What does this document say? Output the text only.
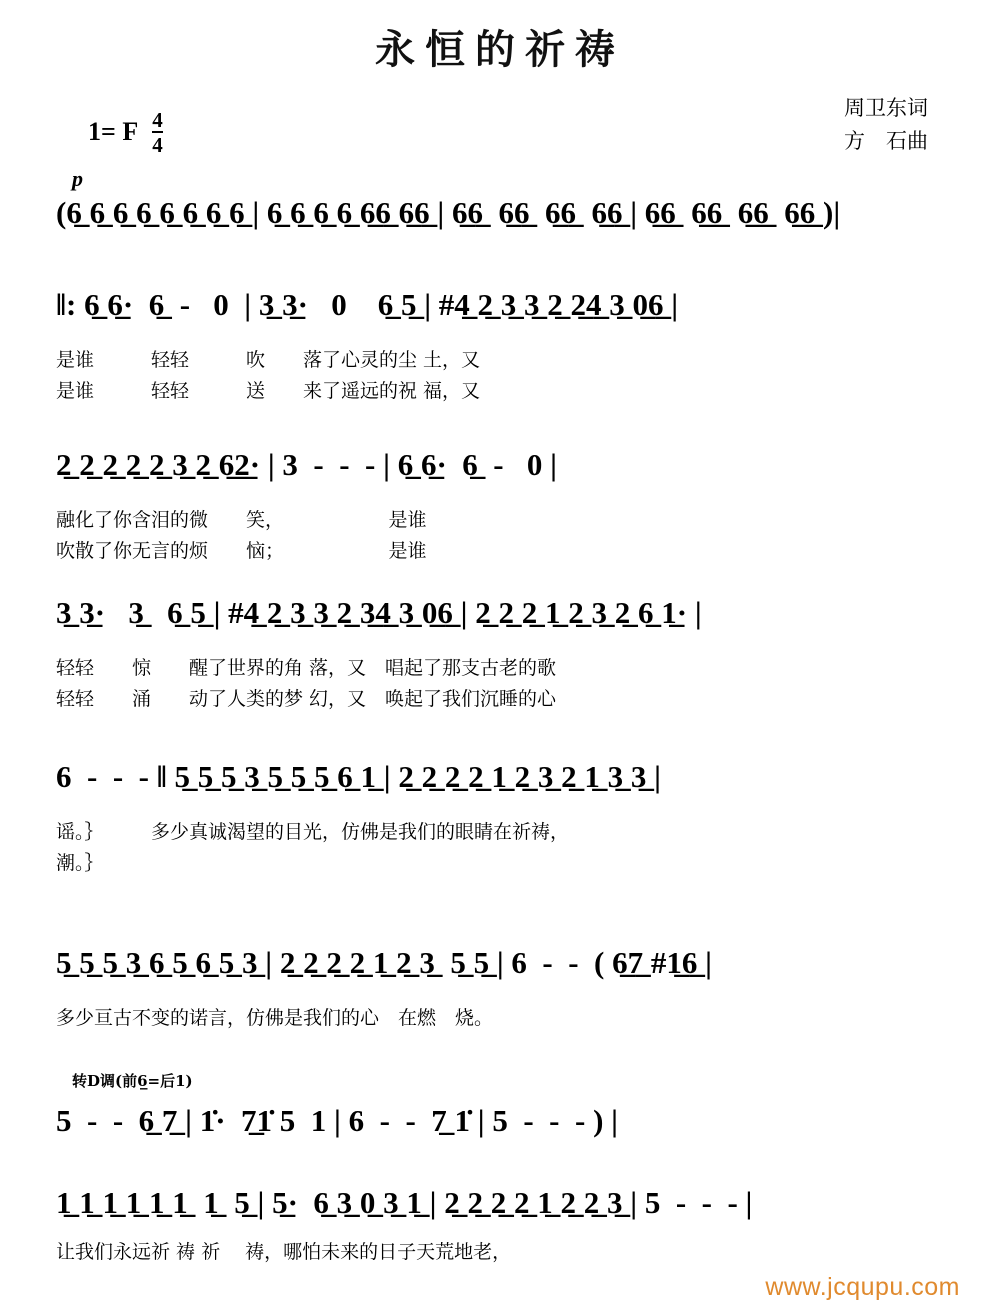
永恒的祈祷
1= F $\frac{4}{4}$
周卫东词
方　石曲
p
(6̲ 6̲ 6̲ 6̲ 6̲ 6̲ 6̲ 6̲ | 6̲ 6̲ 6̲ 6̲ 6̲6̲ 6̲6̲ | 6̲6̲  6̲6̲  6̲6̲  6̲6̲ | 6̲6̲  6̲6̲  6̲6̲  6̲6̲ )|
‖: 6̲ 6̲·  6̲  -   0  | 3̲ 3̲·   0    6̲ 5̲ | #4̲ 2̲ 3̲ 3̲ 2̲ 2̲4̲ 3̲ 0̲6̲ |
是谁　　　轻轻　　　吹　　落了心灵的尘 土，又
是谁　　　轻轻　　　送　　来了遥远的祝 福，又
2̲ 2̲ 2̲ 2̲ 2̲ 3̲ 2̲ 6̲2̲· | 3  -  -  - | 6̲ 6̲·  6̲  -   0 |
融化了你含泪的微　　笑，　　　　　　是谁
吹散了你无言的烦　　恼；　　　　　　是谁
3̲ 3̲·   3̲   6̲ 5̲ | #4̲ 2̲ 3̲ 3̲ 2̲ 3̲4̲ 3̲ 0̲6̲ | 2̲ 2̲ 2̲ 1̲ 2̲ 3̲ 2̲ 6̲ 1̲· |
轻轻　　惊　　醒了世界的角 落，又　唱起了那支古老的歌
轻轻　　涌　　动了人类的梦 幻，又　唤起了我们沉睡的心
6  -  -  - ‖ 5̲ 5̲ 5̲ 3̲ 5̲ 5̲ 5̲ 6̲ 1̲ | 2̲ 2̲ 2̲ 2̲ 1̲ 2̲ 3̲ 2̲ 1̲ 3̲ 3̲ |
谣。｝　　　多少真诚渴望的目光，仿佛是我们的眼睛在祈祷，
潮。｝
5̲ 5̲ 5̲ 3̲ 6̲ 5̲ 6̲ 5̲ 3̲ | 2̲ 2̲ 2̲ 2̲ 1̲ 2̲ 3̲  5̲ 5̲ | 6  -  -  ( 6̲7̲ #1̲6̲ |
多少亘古不变的诺言，仿佛是我们的心　在燃　烧。
转D调(前6̲=后1)
5  -  -  6̲ 7̲ | 1̇·  7̲1̇ 5  1 | 6  -  -  7̲ 1̇ | 5  -  -  - ) |
1̲ 1̲ 1̲ 1̲ 1̲ 1̲  1̲  5̲ | 5̲·  6̲ 3̲ 0̲ 3̲ 1̲ | 2̲ 2̲ 2̲ 2̲ 1̲ 2̲ 2̲ 3̲ | 5  -  -  - |
让我们永远祈 祷 祈　 祷，哪怕未来的日子天荒地老，
www.jcqupu.com
